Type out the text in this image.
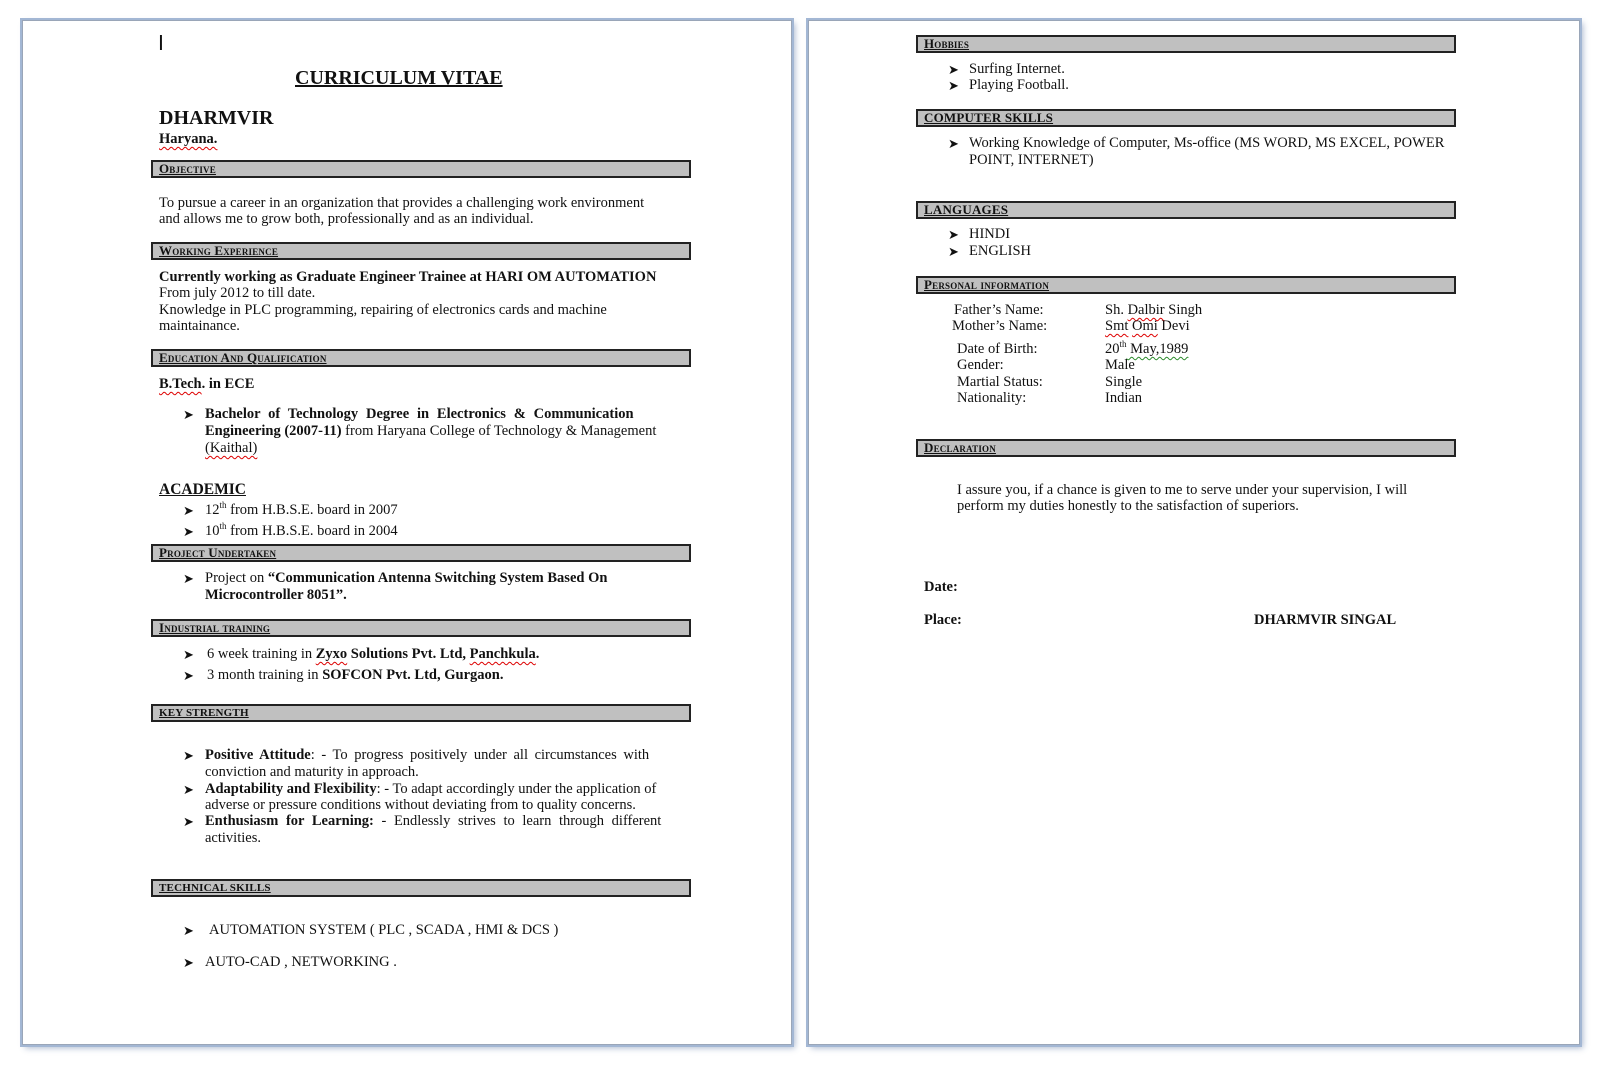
I
CURRICULUM VITAE
DHARMVIR
Haryana.
Objective
To pursue a career in an organization that provides a challenging work environment
and allows me to grow both, professionally and as an individual.
Working Experience
Currently working as Graduate Engineer Trainee at HARI OM AUTOMATION
From july 2012 to till date.
Knowledge in PLC programming, repairing of electronics cards and machine
maintainance.
Education And Qualification
B.Tech. in ECE
➤ Bachelor of Technology Degree in Electronics & Communication
Engineering (2007-11) from Haryana College of Technology & Management
(Kaithal)
ACADEMIC
➤ 12th from H.B.S.E. board in 2007
➤ 10th from H.B.S.E. board in 2004
Project Undertaken
➤ Project on “Communication Antenna Switching System Based On
Microcontroller 8051”.
Industrial training
➤ 6 week training in Zyxo Solutions Pvt. Ltd, Panchkula.
➤ 3 month training in SOFCON Pvt. Ltd, Gurgaon.
KEY STRENGTH
➤ Positive Attitude: - To progress positively under all circumstances with
conviction and maturity in approach.
➤ Adaptability and Flexibility: - To adapt accordingly under the application of
adverse or pressure conditions without deviating from to quality concerns.
➤ Enthusiasm for Learning: - Endlessly strives to learn through different
activities.
TECHNICAL SKILLS
➤ AUTOMATION SYSTEM ( PLC , SCADA , HMI & DCS )
➤ AUTO-CAD , NETWORKING .
Hobbies
➤ Surfing Internet.
➤ Playing Football.
COMPUTER SKILLS
➤ Working Knowledge of Computer, Ms-office (MS WORD, MS EXCEL, POWER
POINT, INTERNET)
LANGUAGES
➤ HINDI
➤ ENGLISH
Personal information
Father’s Name:	Sh. Dalbir Singh
Mother’s Name:	Smt Omi Devi
Date of Birth:	20th May,1989
Gender:	Male
Martial Status:	Single
Nationality:	Indian
Declaration
I assure you, if a chance is given to me to serve under your supervision, I will
perform my duties honestly to the satisfaction of superiors.
Date:
Place:	DHARMVIR SINGAL
